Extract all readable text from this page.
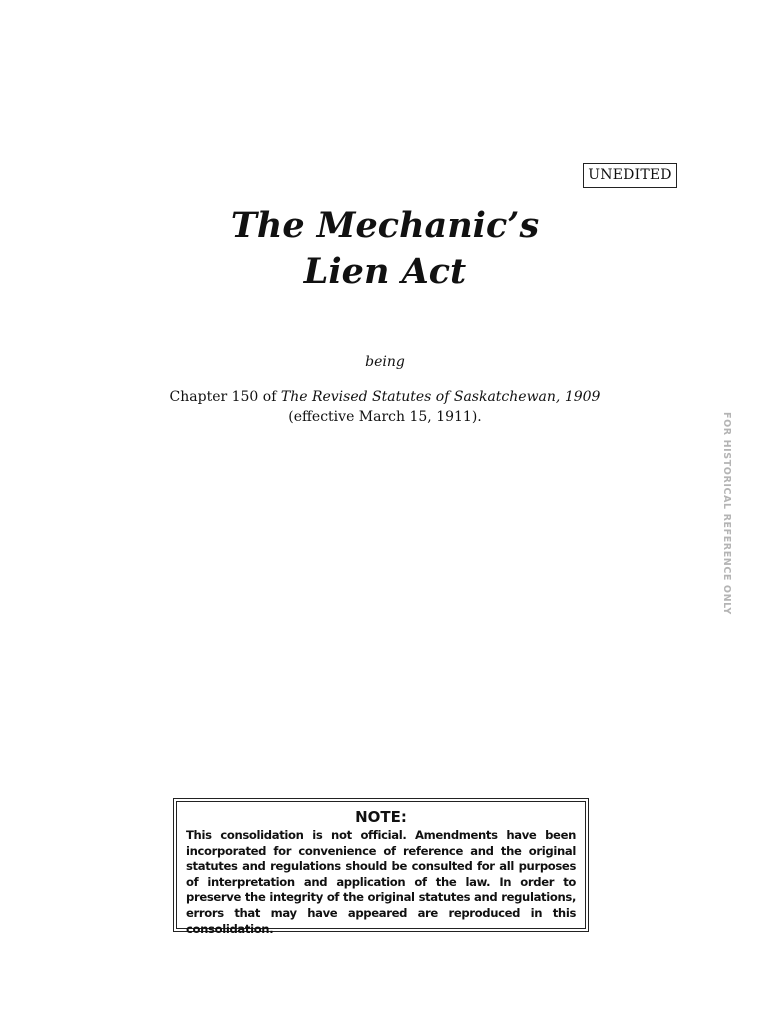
UNEDITED
The Mechanic’s
Lien Act
being
Chapter 150 of The Revised Statutes of Saskatchewan, 1909
(effective March 15, 1911).	FOR HISTORICAL REFERENCE ONLY
NOTE:
This consolidation is not official. Amendments have been incorporated for convenience of reference and the original statutes and regulations should be consulted for all purposes of interpretation and application of the law. In order to preserve the integrity of the original statutes and regulations, errors that may have appeared are reproduced in this consolidation.
